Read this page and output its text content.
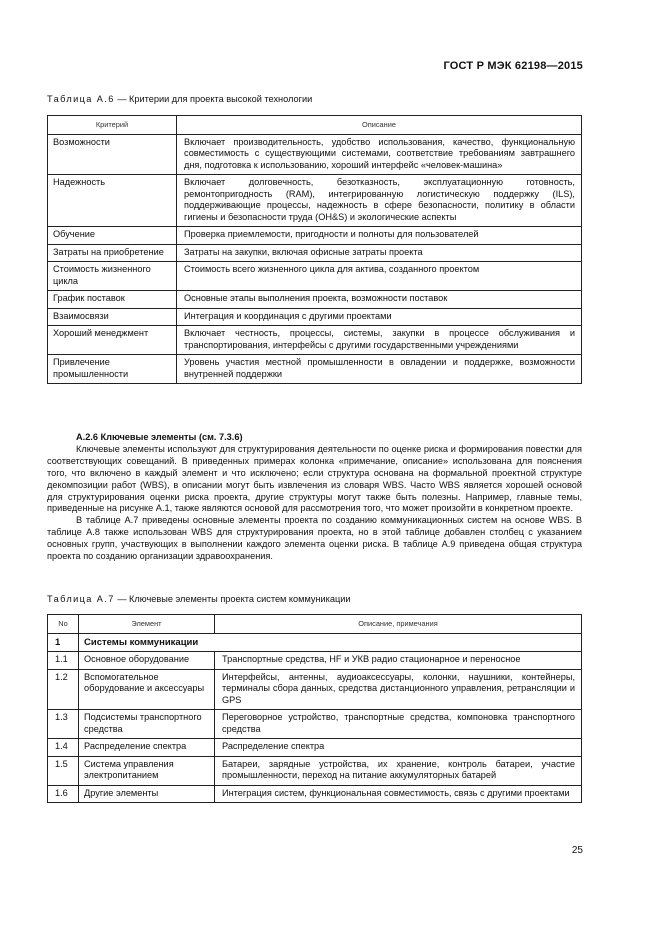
ГОСТ Р МЭК 62198—2015
Таблица А.6 — Критерии для проекта высокой технологии
Критерий	Описание
Возможности	Включает производительность, удобство использования, качество, функциональную совместимость с существующими системами, соответствие требованиям завтрашнего дня, подготовка к использованию, хороший интерфейс «человек-машина»
Надежность	Включает долговечность, безотказность, эксплуатационную готовность, ремонтопригодность (RAM), интегрированную логистическую поддержку (ILS), поддерживающие процессы, надежность в сфере безопасности, политику в области гигиены и безопасности труда (OH&S) и экологические аспекты
Обучение	Проверка приемлемости, пригодности и полноты для пользователей
Затраты на приобретение	Затраты на закупки, включая офисные затраты проекта
Стоимость жизненного цикла	Стоимость всего жизненного цикла для актива, созданного проектом
График поставок	Основные этапы выполнения проекта, возможности поставок
Взаимосвязи	Интеграция и координация с другими проектами
Хороший менеджмент	Включает честность, процессы, системы, закупки в процессе обслуживания и транспортирования, интерфейсы с другими государственными учреждениями
Привлечение промышленности	Уровень участия местной промышленности в овладении и поддержке, возможности внутренней поддержки

А.2.6 Ключевые элементы (см. 7.3.6)

Ключевые элементы используют для структурирования деятельности по оценке риска и формирования повестки для соответствующих совещаний. В приведенных примерах колонка «примечание, описание» использована для пояснения того, что включено в каждый элемент и что исключено; если структура основана на формальной проектной структуре декомпозиции работ (WBS), в описании могут быть извлечения из словаря WBS. Часто WBS является хорошей основой для структурирования оценки риска проекта, другие структуры могут также быть полезны. Например, главные темы, приведенные на рисунке А.1, также являются основой для рассмотрения того, что может произойти в конкретном проекте.

В таблице А.7 приведены основные элементы проекта по созданию коммуникационных систем на основе WBS. В таблице А.8 также использован WBS для структурирования проекта, но в этой таблице добавлен столбец с указанием основных групп, участвующих в выполнении каждого элемента оценки риска. В таблице А.9 приведена общая структура проекта по созданию организации здравоохранения.

Таблица А.7 — Ключевые элементы проекта систем коммуникации
No	Элемент	Описание, примечания
1	Системы коммуникации	
1.1	Основное оборудование	Транспортные средства, HF и УКВ радио стационарное и переносное
1.2	Вспомогательное оборудование и аксессуары	Интерфейсы, антенны, аудиоаксессуары, колонки, наушники, контейнеры, терминалы сбора данных, средства дистанционного управления, ретрансляции и GPS
1.3	Подсистемы транспортного средства	Переговорное устройство, транспортные средства, компоновка транспортного средства
1.4	Распределение спектра	Распределение спектра
1.5	Система управления электропитанием	Батареи, зарядные устройства, их хранение, контроль батареи, участие промышленности, переход на питание аккумуляторных батарей
1.6	Другие элементы	Интеграция систем, функциональная совместимость, связь с другими проектами
25
